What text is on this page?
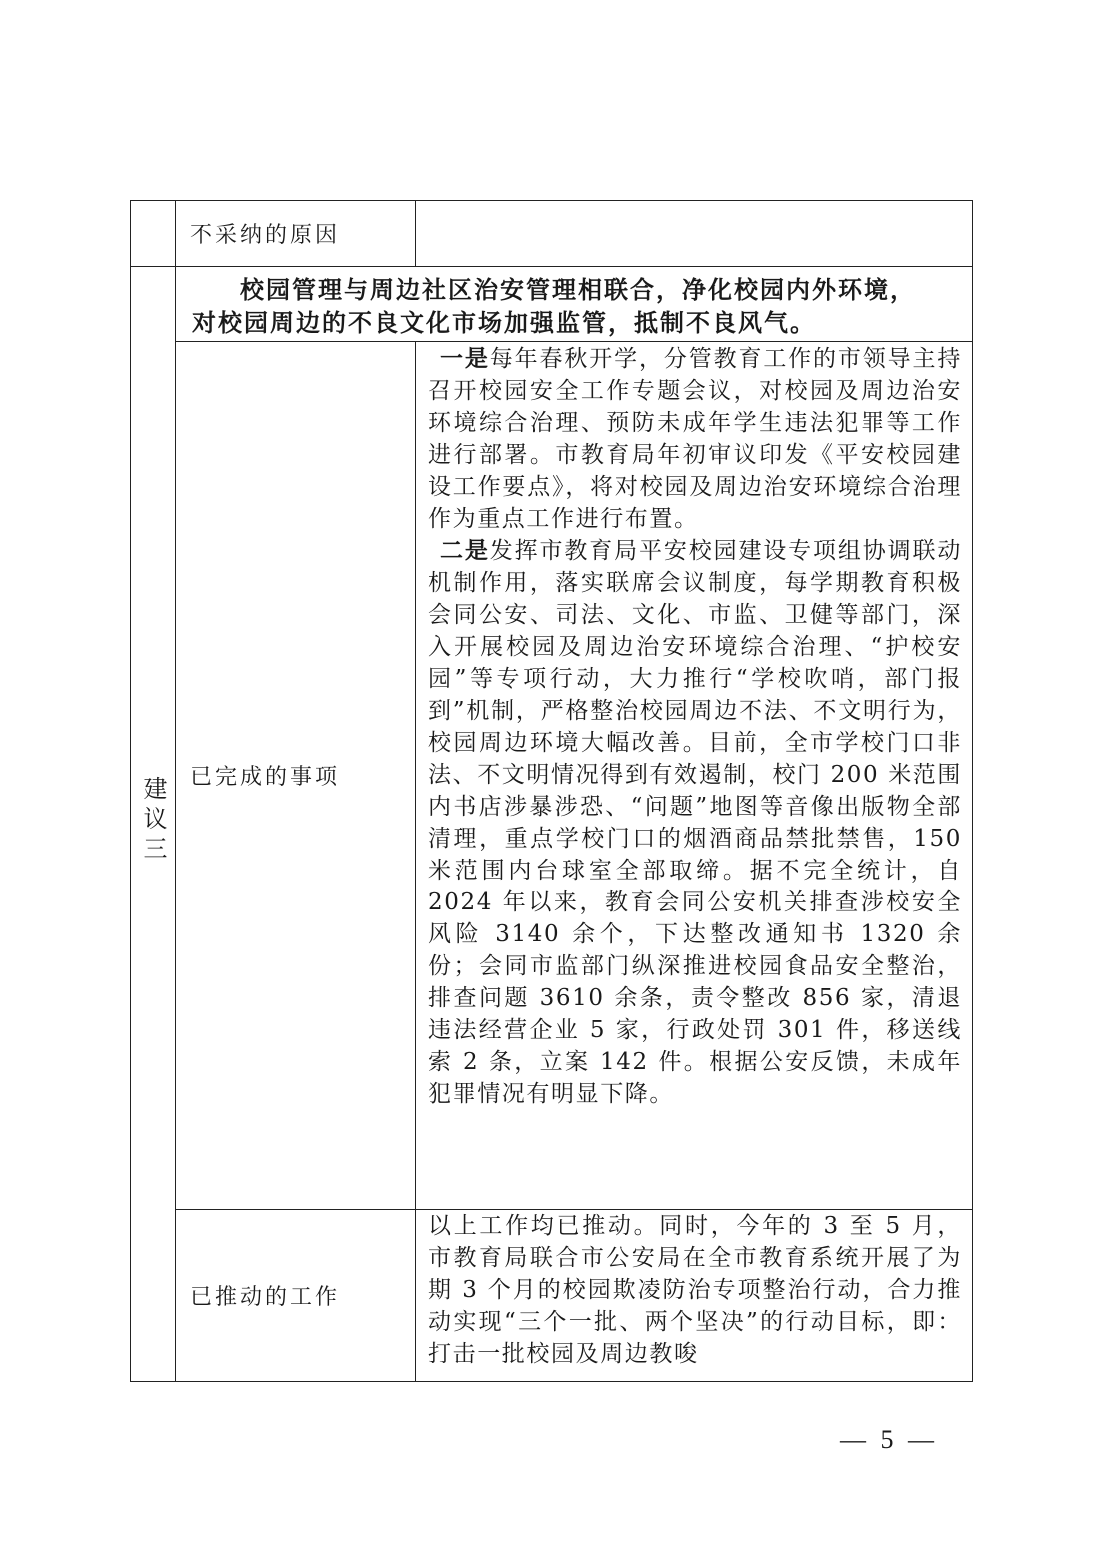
	不采纳的原因	
建议三	校园管理与周边社区治安管理相联合，净化校园内外环境，
对校园周边的不良文化市场加强监管，抵制不良风气。	

	已完成的事项	一是每年春秋开学，分管教育工作的市领导主持召开校园安全工作专题会议，对校园及周边治安环境综合治理、预防未成年学生违法犯罪等工作进行部署。市教育局年初审议印发《平安校园建设工作要点》，将对校园及周边治安环境综合治理作为重点工作进行布置。

二是发挥市教育局平安校园建设专项组协调联动机制作用，落实联席会议制度，每学期教育积极会同公安、司法、文化、市监、卫健等部门，深入开展校园及周边治安环境综合治理、“护校安园”等专项行动，大力推行“学校吹哨，部门报到”机制，严格整治校园周边不法、不文明行为，校园周边环境大幅改善。目前，全市学校门口非法、不文明情况得到有效遏制，校门 200 米范围内书店涉暴涉恐、“问题”地图等音像出版物全部清理，重点学校门口的烟酒商品禁批禁售，150 米范围内台球室全部取缔。据不完全统计，自 2024 年以来，教育会同公安机关排查涉校安全风险 3140 余个，下达整改通知书 1320 余份；会同市监部门纵深推进校园食品安全整治，排查问题 3610 余条，责令整改 856 家，清退违法经营企业 5 家，行政处罚 301 件，移送线索 2 条，立案 142 件。根据公安反馈，未成年犯罪情况有明显下降。

	已推动的工作	以上工作均已推动。同时，今年的 3 至 5 月，市教育局联合市公安局在全市教育系统开展了为期 3 个月的校园欺凌防治专项整治行动，合力推动实现“三个一批、两个坚决”的行动目标，即：打击一批校园及周边教唆
— 5 —
